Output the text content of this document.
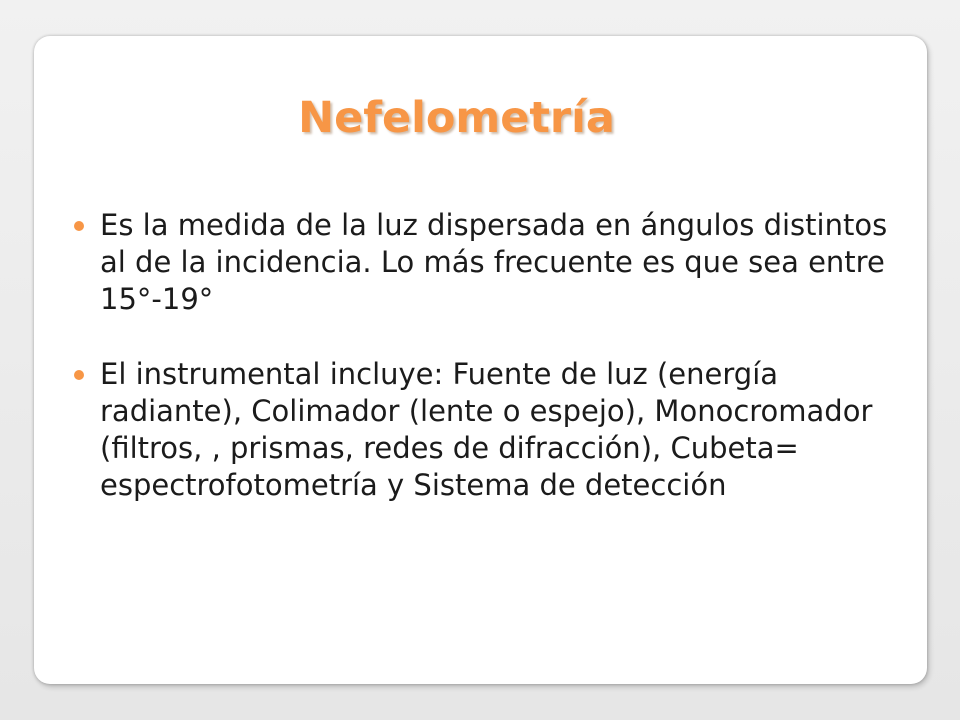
Nefelometría
Es la medida de la luz dispersada en ángulos distintos al de la incidencia. Lo más frecuente es que sea entre 15°-19°
El instrumental incluye: Fuente de luz (energía radiante), Colimador (lente o espejo), Monocromador (filtros, , prismas, redes de difracción), Cubeta= espectrofotometría y Sistema de detección
